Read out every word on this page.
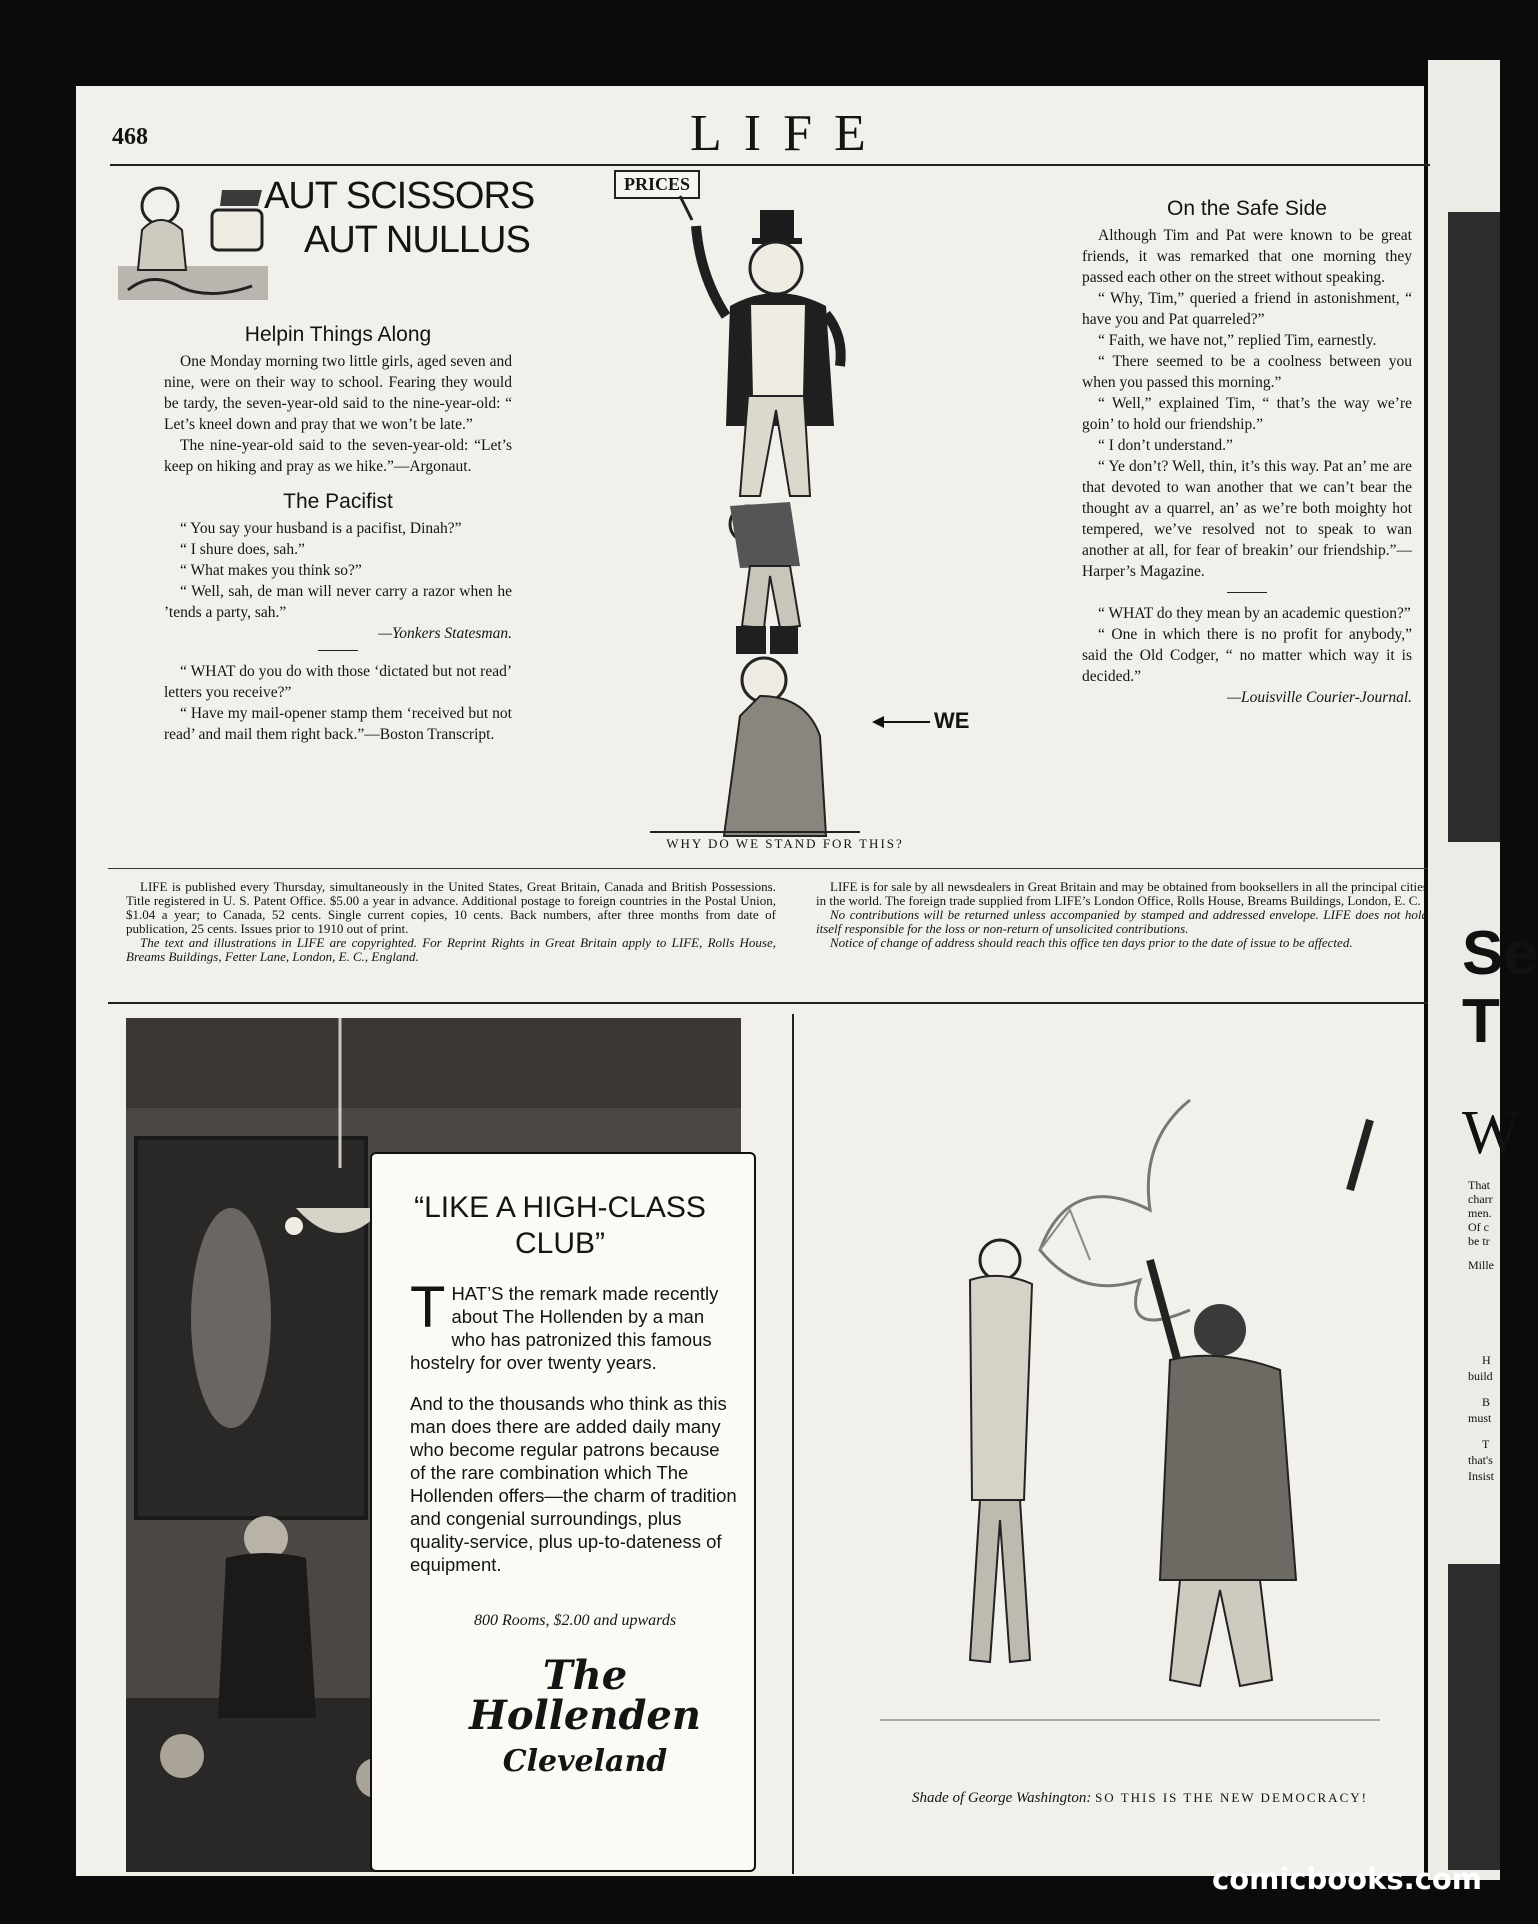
Se
T
W
That
charr
men.
Of c
be tr
Mille
H
build
B
must
T
that's
Insist
468	LIFE
AUT SCISSORS
AUT NULLUS
Helpin Things Along

One Monday morning two little girls, aged seven and nine, were on their way to school. Fearing they would be tardy, the seven-year-old said to the nine-year-old: “ Let’s kneel down and pray that we won’t be late.”

The nine-year-old said to the seven-year-old: “Let’s keep on hiking and pray as we hike.”—Argonaut.

The Pacifist

“ You say your husband is a pacifist, Dinah?”

“ I shure does, sah.”

“ What makes you think so?”

“ Well, sah, de man will never carry a razor when he ’tends a party, sah.”

—Yonkers Statesman.

“ WHAT do you do with those ‘dictated but not read’ letters you receive?”

“ Have my mail-opener stamp them ‘received but not read’ and mail them right back.”—Boston Transcript.

PRICES
WE
WHY DO WE STAND FOR THIS?
On the Safe Side

Although Tim and Pat were known to be great friends, it was remarked that one morning they passed each other on the street without speaking.

“ Why, Tim,” queried a friend in astonishment, “ have you and Pat quarreled?”

“ Faith, we have not,” replied Tim, earnestly.

“ There seemed to be a coolness between you when you passed this morning.”

“ Well,” explained Tim, “ that’s the way we’re goin’ to hold our friendship.”

“ I don’t understand.”

“ Ye don’t? Well, thin, it’s this way. Pat an’ me are that devoted to wan another that we can’t bear the thought av a quarrel, an’ as we’re both moighty hot tempered, we’ve resolved not to speak to wan another at all, for fear of breakin’ our friendship.”—Harper’s Magazine.

“ WHAT do they mean by an academic question?”

“ One in which there is no profit for anybody,” said the Old Codger, “ no matter which way it is decided.”

—Louisville Courier-Journal.

LIFE is published every Thursday, simultaneously in the United States, Great Britain, Canada and British Possessions. Title registered in U. S. Patent Office. $5.00 a year in advance. Additional postage to foreign countries in the Postal Union, $1.04 a year; to Canada, 52 cents. Single current copies, 10 cents. Back numbers, after three months from date of publication, 25 cents. Issues prior to 1910 out of print.

The text and illustrations in LIFE are copyrighted. For Reprint Rights in Great Britain apply to LIFE, Rolls House, Breams Buildings, Fetter Lane, London, E. C., England.

LIFE is for sale by all newsdealers in Great Britain and may be obtained from booksellers in all the principal cities in the world. The foreign trade supplied from LIFE’s London Office, Rolls House, Breams Buildings, London, E. C.

No contributions will be returned unless accompanied by stamped and addressed envelope. LIFE does not hold itself responsible for the loss or non-return of unsolicited contributions.

Notice of change of address should reach this office ten days prior to the date of issue to be affected.

“LIKE A HIGH-CLASS CLUB”

THAT’S the remark made recently about The Hollenden by a man who has patronized this famous hostelry for over twenty years.

And to the thousands who think as this man does there are added daily many who become regular patrons because of the rare combination which The Hollenden offers—the charm of tradition and congenial surroundings, plus quality-service, plus up-to-dateness of equipment.

800 Rooms, $2.00 and upwards
The Hollenden
Cleveland
Shade of George Washington: SO THIS IS THE NEW DEMOCRACY!
comicbooks.com
